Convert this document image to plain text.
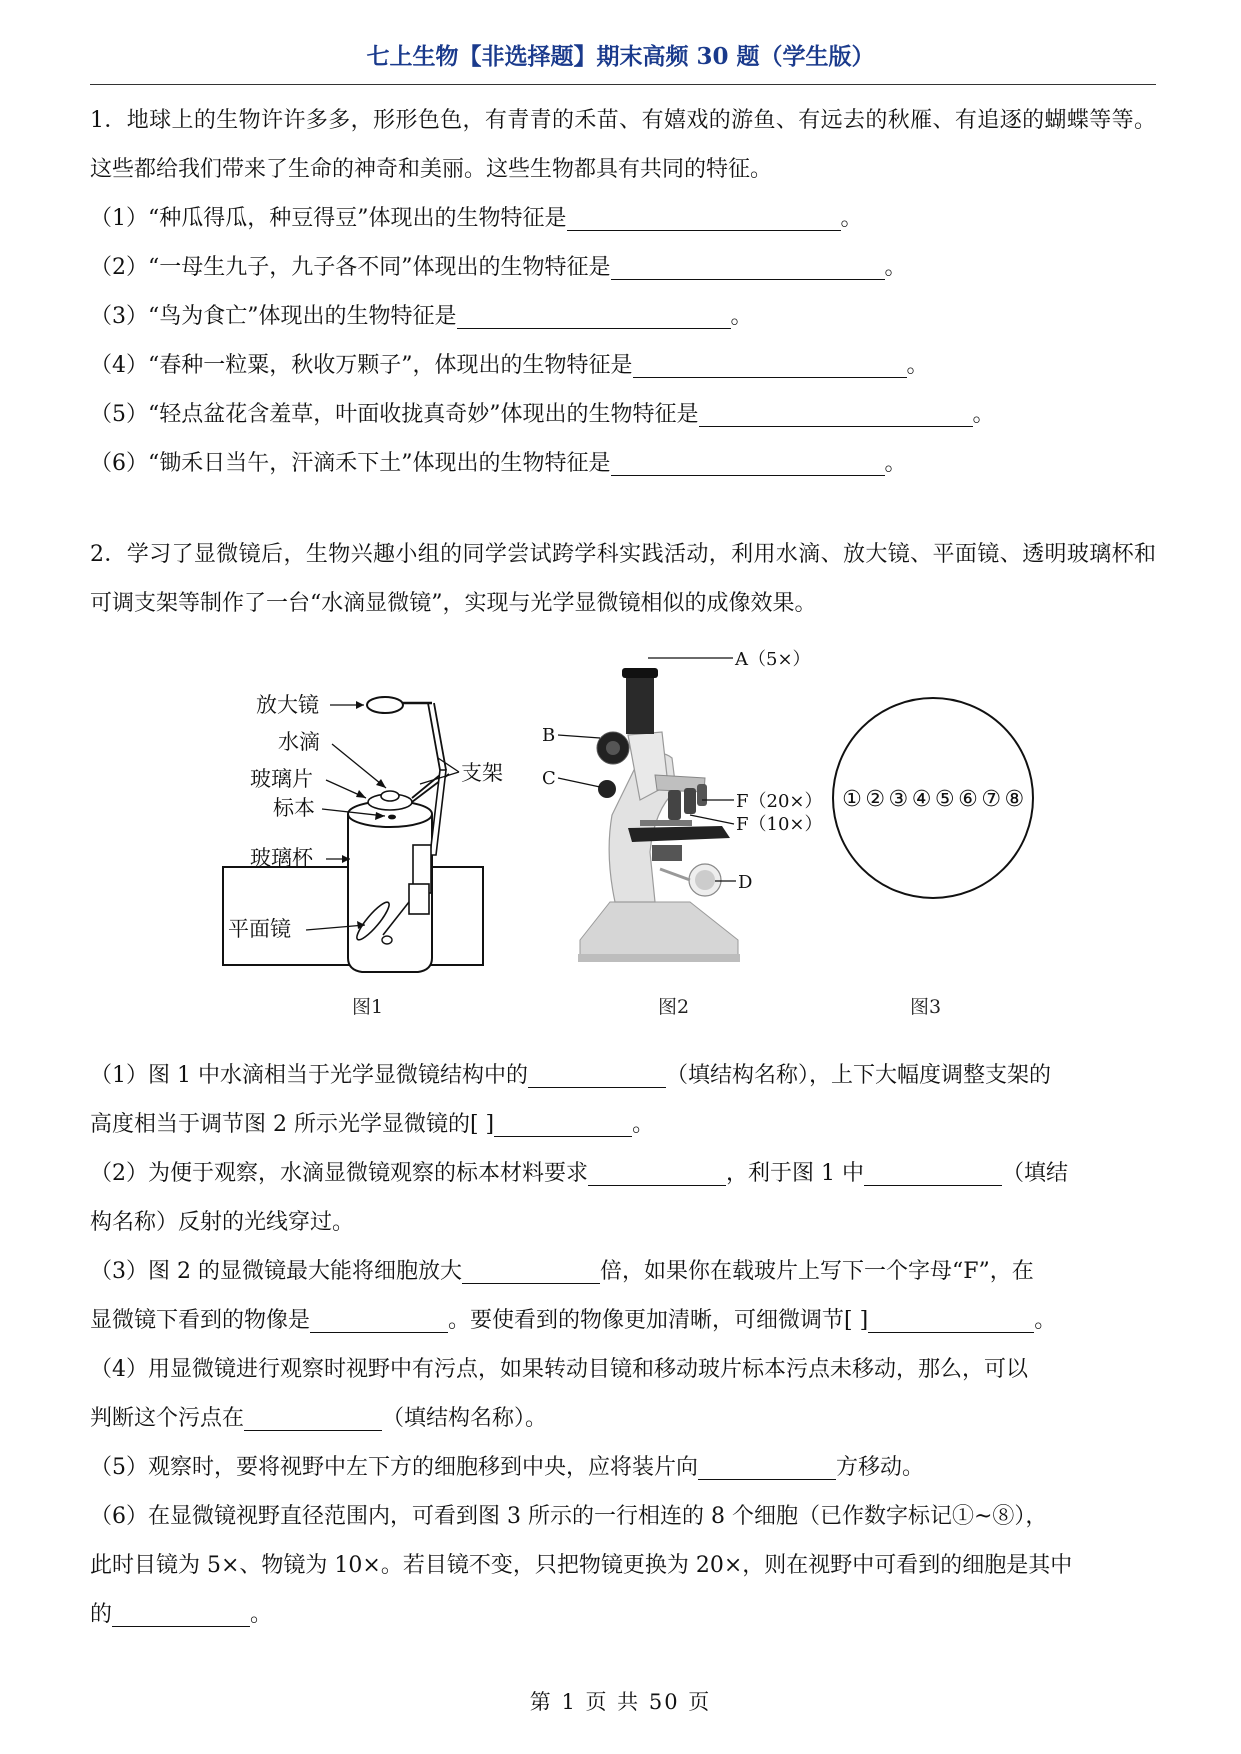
七上生物【非选择题】期末高频 30 题（学生版）

1．地球上的生物许许多多，形形色色，有青青的禾苗、有嬉戏的游鱼、有远去的秋雁、有追逐的蝴蝶等等。这些都给我们带来了生命的神奇和美丽。这些生物都具有共同的特征。

（1）“种瓜得瓜，种豆得豆”体现出的生物特征是	。
（2）“一母生九子，九子各不同”体现出的生物特征是	。
（3）“鸟为食亡”体现出的生物特征是	。
（4）“春种一粒粟，秋收万颗子”，体现出的生物特征是	。
（5）“轻点盆花含羞草，叶面收拢真奇妙”体现出的生物特征是	。
（6）“锄禾日当午，汗滴禾下土”体现出的生物特征是	。

2．学习了显微镜后，生物兴趣小组的同学尝试跨学科实践活动，利用水滴、放大镜、平面镜、透明玻璃杯和可调支架等制作了一台“水滴显微镜”，实现与光学显微镜相似的成像效果。

放大镜
水滴
玻璃片
标本
玻璃杯
平面镜
支架
图1
A（5×）
B
C
F（20×）
F（10×）
D
图2
① ② ③ ④ ⑤ ⑥ ⑦ ⑧
图3
（1）图 1 中水滴相当于光学显微镜结构中的	（填结构名称），上下大幅度调整支架的
高度相当于调节图 2 所示光学显微镜的[ ]	。
（2）为便于观察，水滴显微镜观察的标本材料要求	，利于图 1 中	（填结
构名称）反射的光线穿过。
（3）图 2 的显微镜最大能将细胞放大	倍，如果你在载玻片上写下一个字母“F”，在
显微镜下看到的物像是	。要使看到的物像更加清晰，可细微调节[ ]	。
（4）用显微镜进行观察时视野中有污点，如果转动目镜和移动玻片标本污点未移动，那么，可以
判断这个污点在	（填结构名称）。
（5）观察时，要将视野中左下方的细胞移到中央，应将装片向	方移动。
（6）在显微镜视野直径范围内，可看到图 3 所示的一行相连的 8 个细胞（已作数字标记①~⑧），
此时目镜为 5×、物镜为 10×。若目镜不变，只把物镜更换为 20×，则在视野中可看到的细胞是其中
的	。
第 1 页 共 50 页
